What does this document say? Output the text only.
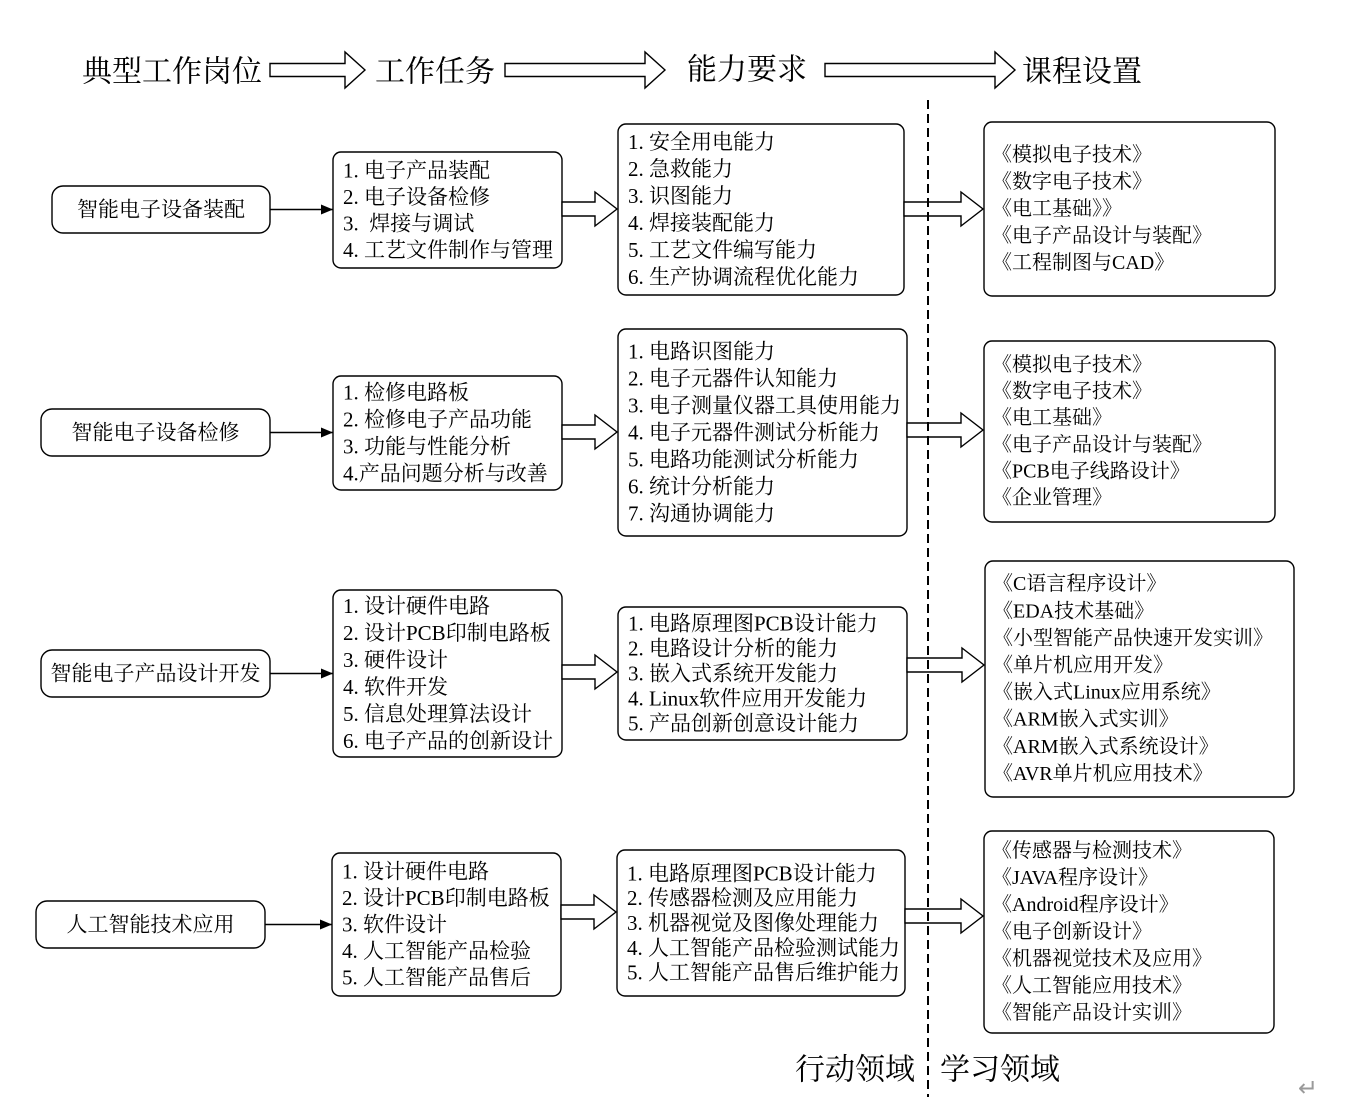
典型工作岗位	工作任务	能力要求	课程设置
智能电子设备装配
1. 电子产品装配
2. 电子设备检修
3.  焊接与调试
4. 工艺文件制作与管理
1. 安全用电能力
2. 急救能力
3. 识图能力
4. 焊接装配能力
5. 工艺文件编写能力
6. 生产协调流程优化能力
《模拟电子技术》
《数字电子技术》
《电工基础》》
《电子产品设计与装配》
《工程制图与CAD》
智能电子设备检修
1. 检修电路板
2. 检修电子产品功能
3. 功能与性能分析
4.产品问题分析与改善
1. 电路识图能力
2. 电子元器件认知能力
3. 电子测量仪器工具使用能力
4. 电子元器件测试分析能力
5. 电路功能测试分析能力
6. 统计分析能力
7. 沟通协调能力
《模拟电子技术》
《数字电子技术》
《电工基础》
《电子产品设计与装配》
《PCB电子线路设计》
《企业管理》
智能电子产品设计开发
1. 设计硬件电路
2. 设计PCB印制电路板
3. 硬件设计
4. 软件开发
5. 信息处理算法设计
6. 电子产品的创新设计
1. 电路原理图PCB设计能力
2. 电路设计分析的能力
3. 嵌入式系统开发能力
4. Linux软件应用开发能力
5. 产品创新创意设计能力
《C语言程序设计》
《EDA技术基础》
《小型智能产品快速开发实训》
《单片机应用开发》
《嵌入式Linux应用系统》
《ARM嵌入式实训》
《ARM嵌入式系统设计》
《AVR单片机应用技术》
人工智能技术应用
1. 设计硬件电路
2. 设计PCB印制电路板
3. 软件设计
4. 人工智能产品检验
5. 人工智能产品售后
1. 电路原理图PCB设计能力
2. 传感器检测及应用能力
3. 机器视觉及图像处理能力
4. 人工智能产品检验测试能力
5. 人工智能产品售后维护能力
《传感器与检测技术》
《JAVA程序设计》
《Android程序设计》
《电子创新设计》
《机器视觉技术及应用》
《人工智能应用技术》
《智能产品设计实训》
行动领域 学习领域
↵
